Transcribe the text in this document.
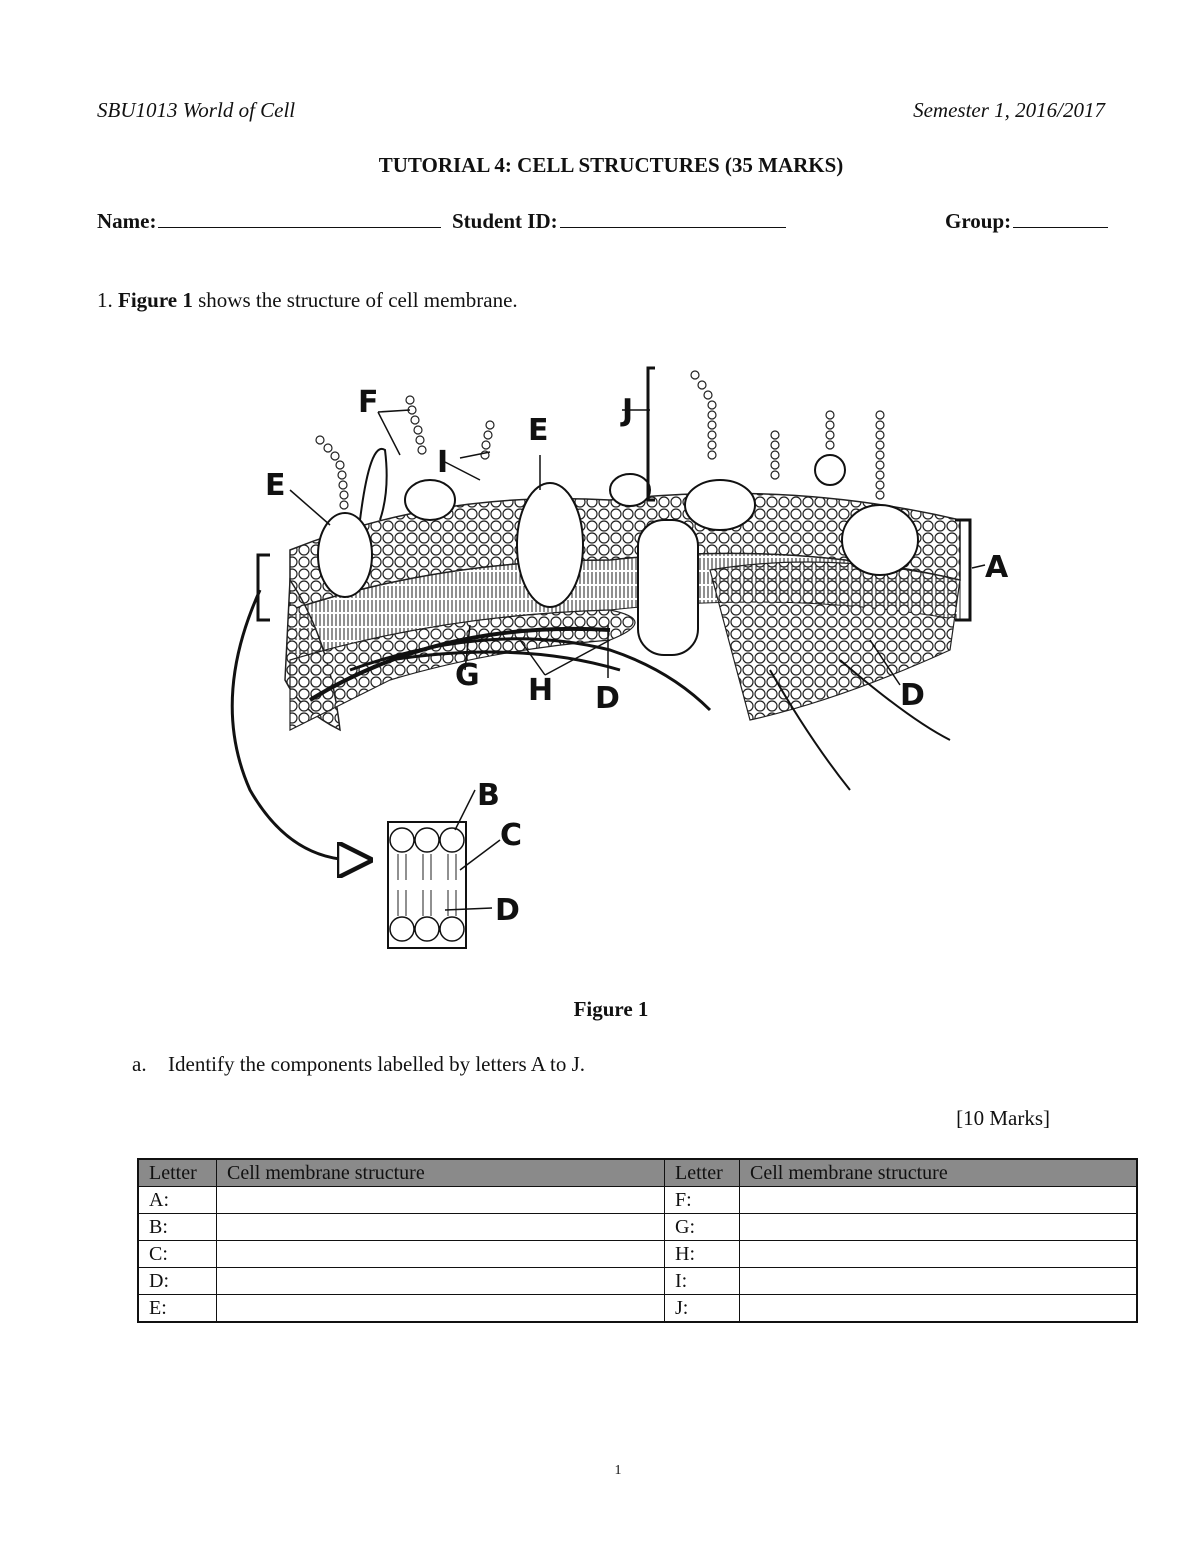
SBU1013 World of Cell	Semester 1, 2016/2017
TUTORIAL 4: CELL STRUCTURES (35 MARKS)
Name:	Student ID:	Group:
1. Figure 1 shows the structure of cell membrane.
A
B
C
D
D	D
E
E
F
G H
I
J
Figure 1
a. Identify the components labelled by letters A to J.
[10 Marks]
Letter	Cell membrane structure	Letter	Cell membrane structure
A:		F:	
B:		G:	
C:		H:	
D:		I:	
E:		J:	
1
